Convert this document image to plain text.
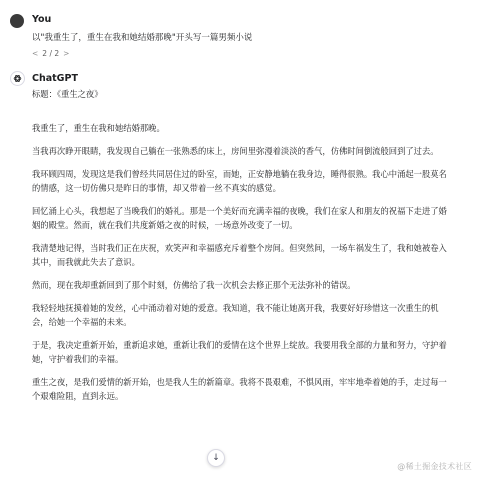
You
以"我重生了，重生在我和她结婚那晚"开头写一篇男频小说
< 2 / 2 >
ChatGPT

标题：《重生之夜》

我重生了，重生在我和她结婚那晚。

当我再次睁开眼睛，我发现自己躺在一张熟悉的床上，房间里弥漫着淡淡的香气，仿佛时间倒流般回到了过去。

我环顾四周，发现这是我们曾经共同居住过的卧室，而她，正安静地躺在我身边，睡得很熟。我心中涌起一股莫名的情感，这一切仿佛只是昨日的事情，却又带着一丝不真实的感觉。

回忆涌上心头，我想起了当晚我们的婚礼。那是一个美好而充满幸福的夜晚，我们在家人和朋友的祝福下走进了婚姻的殿堂。然而，就在我们共度新婚之夜的时候，一场意外改变了一切。

我清楚地记得，当时我们正在庆祝，欢笑声和幸福感充斥着整个房间。但突然间，一场车祸发生了，我和她被卷入其中，而我就此失去了意识。

然而，现在我却重新回到了那个时刻，仿佛给了我一次机会去修正那个无法弥补的错误。

我轻轻地抚摸着她的发丝，心中涌动着对她的爱意。我知道，我不能让她离开我，我要好好珍惜这一次重生的机会，给她一个幸福的未来。

于是，我决定重新开始，重新追求她，重新让我们的爱情在这个世界上绽放。我要用我全部的力量和努力，守护着她，守护着我们的幸福。

重生之夜，是我们爱情的新开始，也是我人生的新篇章。我将不畏艰难，不惧风雨，牢牢地牵着她的手，走过每一个艰难险阻，直到永远。

↓
@稀土掘金技术社区
